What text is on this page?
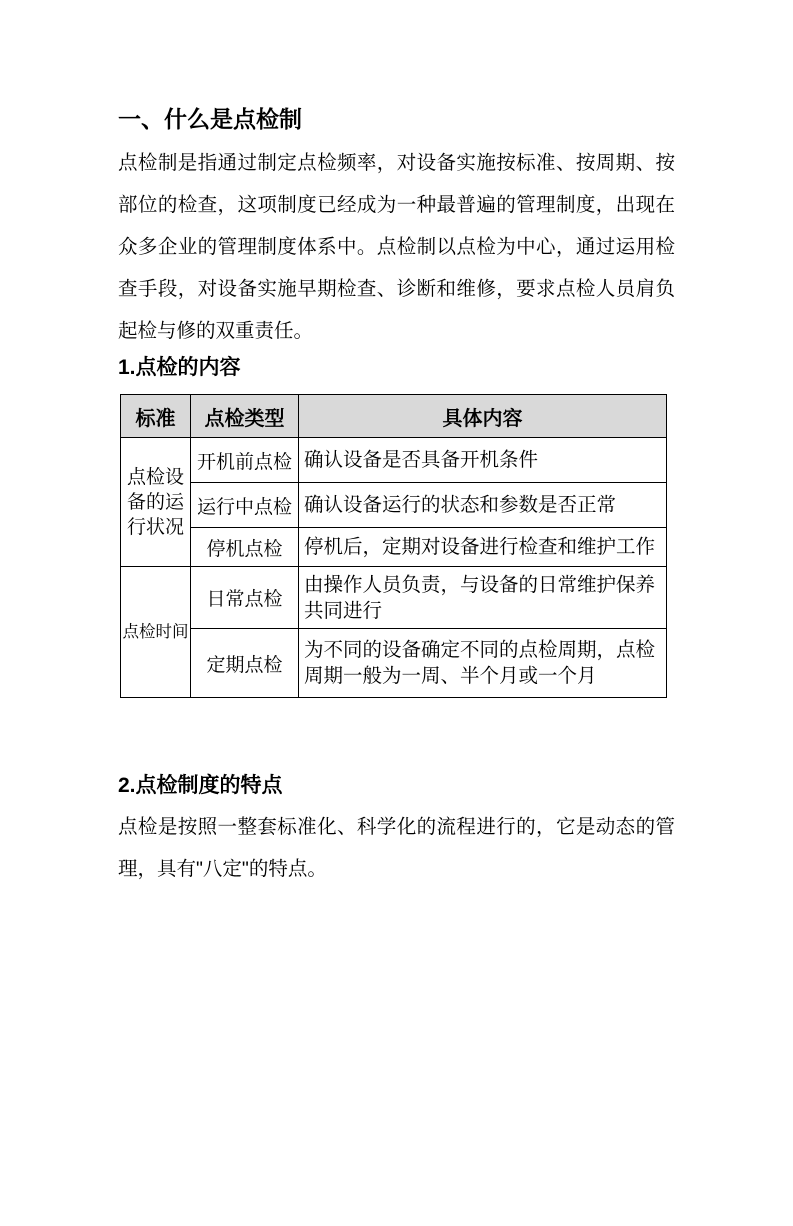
一、什么是点检制

点检制是指通过制定点检频率，对设备实施按标准、按周期、按部位的检查，这项制度已经成为一种最普遍的管理制度，出现在众多企业的管理制度体系中。点检制以点检为中心，通过运用检查手段，对设备实施早期检查、诊断和维修，要求点检人员肩负起检与修的双重责任。

1.点检的内容
标准	点检类型	具体内容
点检设备的运行状况	开机前点检	确认设备是否具备开机条件
	运行中点检	确认设备运行的状态和参数是否正常
	停机点检	停机后，定期对设备进行检查和维护工作
点检时间	日常点检	由操作人员负责，与设备的日常维护保养共同进行
	定期点检	为不同的设备确定不同的点检周期，点检周期一般为一周、半个月或一个月
2.点检制度的特点

点检是按照一整套标准化、科学化的流程进行的，它是动态的管理，具有"八定"的特点。
